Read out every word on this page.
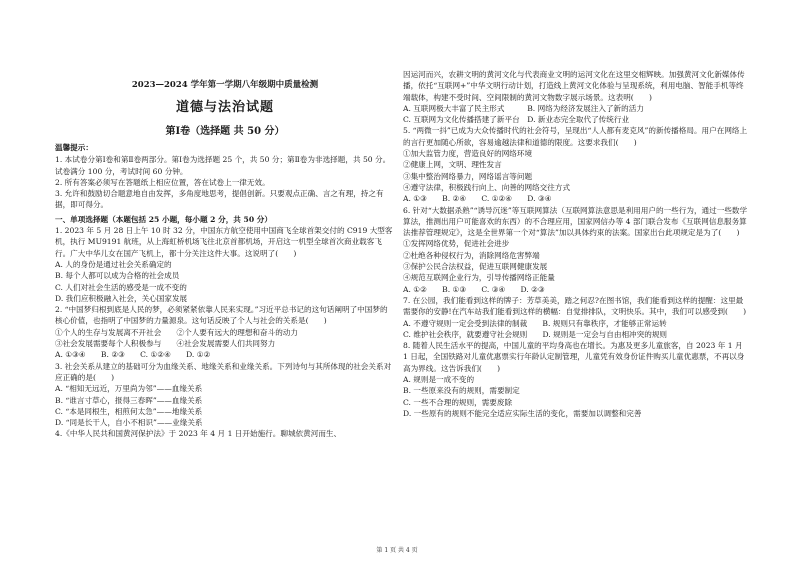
2023—2024 学年第一学期八年级期中质量检测
道德与法治试题
第Ⅰ卷（选择题 共 50 分）

温馨提示：

1. 本试卷分第Ⅰ卷和第Ⅱ卷两部分。第Ⅰ卷为选择题 25 个，共 50 分；第Ⅱ卷为非选择题，共 50 分。试卷满分 100 分，考试时间 60 分钟。

2. 所有答案必须写在答题纸上相应位置，答在试卷上一律无效。

3. 允许和鼓励切合题意地自由发挥，多角度地思考，提倡创新。只要观点正确、言之有理，持之有据，即可得分。

一、单项选择题（本题包括 25 小题，每小题 2 分，共 50 分）

1. 2023 年 5 月 28 日上午 10 时 32 分，中国东方航空使用中国商飞全球首架交付的 C919 大型客机，执行 MU9191 航班，从上海虹桥机场飞往北京首都机场，开启这一机型全球首次商业载客飞行。广大中华儿女在国产飞机上，都十分关注这件大事。这说明了(　　)

A. 人的身份是通过社会关系确定的

B. 每个人都可以成为合格的社会成员

C. 人们对社会生活的感受是一成不变的

D. 我们应积极融入社会，关心国家发展

2. “中国梦归根到底是人民的梦，必须紧紧依靠人民来实现。”习近平总书记的这句话阐明了中国梦的核心价值，也指明了中国梦的力量源泉。这句话反映了个人与社会的关系是(　　)

①个人的生存与发展离不开社会　　②个人要有远大的理想和奋斗的动力

③社会发展需要每个人积极参与　　④社会发展需要人们共同努力

A. ①③④　　B. ②③　　C. ①②④　　D. ①②

3. 社会关系从建立的基础可分为血缘关系、地缘关系和业缘关系。下列诗句与其所体现的社会关系对应正确的是(　　)

A. “相知无远近，万里尚为邻”——血缘关系

B. “谁言寸草心，报得三春晖”——血缘关系

C. “本是同根生，相煎何太急”——地缘关系

D. “同是长干人，自小不相识”——业缘关系

4.《中华人民共和国黄河保护法》于 2023 年 4 月 1 日开始施行。聊城依黄河而生、

因运河而兴，农耕文明的黄河文化与代表商业文明的运河文化在这里交相辉映。加强黄河文化新媒体传播，依托“互联网+”中华文明行动计划，打造线上黄河文化体验与呈现系统，利用电脑、智能手机等终端载体，构建不受时间、空间限制的黄河文物数字展示场景。这表明(　　)

A. 互联网极大丰富了民主形式　　　B. 网络为经济发展注入了新的活力

C. 互联网为文化传播搭建了新平台　D. 新业态完全取代了传统行业

5. “两微一抖”已成为大众传播时代的社会符号，呈现出“人人都有麦克风”的新传播格局。用户在网络上的言行更加随心所欲，容易逾越法律和道德的限度。这要求我们(　　)

①加大监管力度，营造良好的网络环境

②健康上网，文明、理性发言

③集中整治网络暴力，网络谣言等问题

④遵守法律，积极践行向上、向善的网络交往方式

A. ①③　　B. ②④　　C. ①②④　　D. ③④

6. 针对“大数据杀熟”“诱导沉迷”等互联网算法（互联网算法意思是利用用户的一些行为，通过一些数学算法，推测出用户可能喜欢的东西）的不合理应用，国家网信办等 4 部门联合发布《互联网信息服务算法推荐管理规定》，这是全世界第一个对“算法”加以具体约束的法案。国家出台此项规定是为了(　　)

①发挥网络优势，促进社会进步

②杜绝各种侵权行为，消除网络危害弊端

③保护公民合法权益，促进互联网健康发展

④规范互联网企业行为，引导传播网络正能量

A. ①②　　B. ①③　　C. ③④　　D. ②③

7. 在公园，我们能看到这样的牌子：芳草美美，踏之何忍?在图书馆，我们能看到这样的提醒：这里最需要你的安静!在汽车站我们能看到这样的横幅：自觉排排队，文明快乐。其中，我们可以感受到(　　)

A. 不遵守规则一定会受到法律的制裁　　B. 规则只有靠秩序，才能够正常运转

C. 维护社会秩序，就要遵守社会规则　　D. 规则是一定会与自由相冲突的规则

8. 随着人民生活水平的提高，中国儿童的平均身高也在增长。为惠及更多儿童旅客，自 2023 年 1 月 1 日起，全国铁路对儿童优惠票实行年龄认定制管理，儿童凭有效身份证件购买儿童优惠票，不再以身高为界线。这告诉我们(　　)

A. 规则是一成不变的

B. 一些原来没有的规则，需要制定

C. 一些不合理的规则，需要废除

D. 一些原有的规则不能完全适应实际生活的变化，需要加以调整和完善

第 1 页 共 4 页
